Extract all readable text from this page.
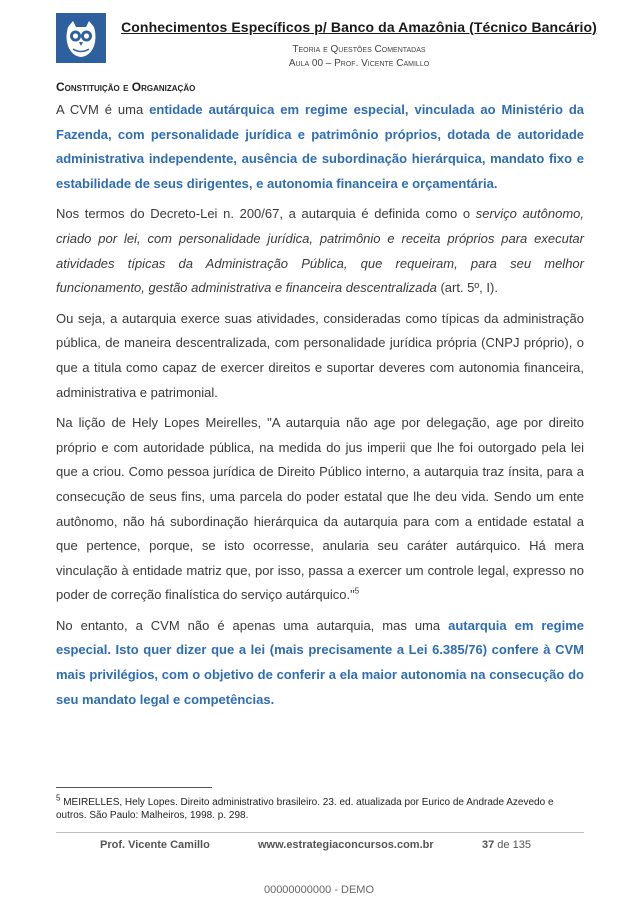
Conhecimentos Específicos p/ Banco da Amazônia (Técnico Bancário)
Teoria e Questões Comentadas
Aula 00 – Prof. Vicente Camillo
Constituição e Organização

A CVM é uma entidade autárquica em regime especial, vinculada ao Ministério da Fazenda, com personalidade jurídica e patrimônio próprios, dotada de autoridade administrativa independente, ausência de subordinação hierárquica, mandato fixo e estabilidade de seus dirigentes, e autonomia financeira e orçamentária.

Nos termos do Decreto-Lei n. 200/67, a autarquia é definida como o serviço autônomo, criado por lei, com personalidade jurídica, patrimônio e receita próprios para executar atividades típicas da Administração Pública, que requeiram, para seu melhor funcionamento, gestão administrativa e financeira descentralizada (art. 5º, I).

Ou seja, a autarquia exerce suas atividades, consideradas como típicas da administração pública, de maneira descentralizada, com personalidade jurídica própria (CNPJ próprio), o que a titula como capaz de exercer direitos e suportar deveres com autonomia financeira, administrativa e patrimonial.

Na lição de Hely Lopes Meirelles, "A autarquia não age por delegação, age por direito próprio e com autoridade pública, na medida do jus imperii que lhe foi outorgado pela lei que a criou. Como pessoa jurídica de Direito Público interno, a autarquia traz ínsita, para a consecução de seus fins, uma parcela do poder estatal que lhe deu vida. Sendo um ente autônomo, não há subordinação hierárquica da autarquia para com a entidade estatal a que pertence, porque, se isto ocorresse, anularia seu caráter autárquico. Há mera vinculação à entidade matriz que, por isso, passa a exercer um controle legal, expresso no poder de correção finalística do serviço autárquico."$^5$

No entanto, a CVM não é apenas uma autarquia, mas uma autarquia em regime especial. Isto quer dizer que a lei (mais precisamente a Lei 6.385/76) confere à CVM mais privilégios, com o objetivo de conferir a ela maior autonomia na consecução do seu mandato legal e competências.

$^5$ MEIRELLES, Hely Lopes. Direito administrativo brasileiro. 23. ed. atualizada por Eurico de Andrade Azevedo e outros. São Paulo: Malheiros, 1998. p. 298.
Prof. Vicente Camillo	www.estrategiaconcursos.com.br	37 de 135
00000000000 - DEMO
